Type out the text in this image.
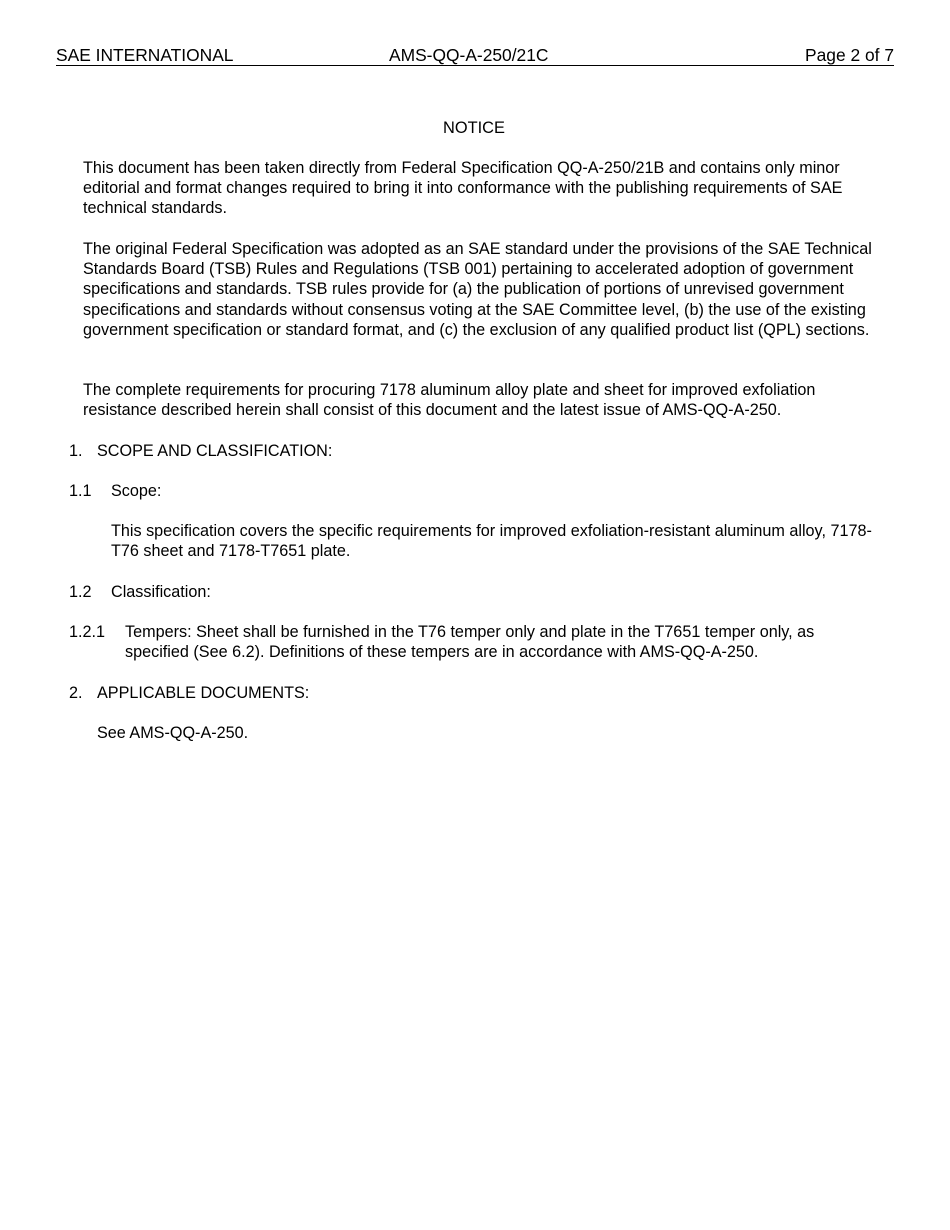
SAE INTERNATIONAL	AMS-QQ-A-250/21C	Page 2 of 7
NOTICE

This document has been taken directly from Federal Specification QQ-A-250/21B and contains only minor editorial and format changes required to bring it into conformance with the publishing requirements of SAE technical standards.

The original Federal Specification was adopted as an SAE standard under the provisions of the SAE Technical Standards Board (TSB) Rules and Regulations (TSB 001) pertaining to accelerated adoption of government specifications and standards. TSB rules provide for (a) the publication of portions of unrevised government specifications and standards without consensus voting at the SAE Committee level, (b) the use of the existing government specification or standard format, and (c) the exclusion of any qualified product list (QPL) sections.

The complete requirements for procuring 7178 aluminum alloy plate and sheet for improved exfoliation resistance described herein shall consist of this document and the latest issue of AMS-QQ-A-250.

1. SCOPE AND CLASSIFICATION:
1.1 Scope:

This specification covers the specific requirements for improved exfoliation-resistant aluminum alloy, 7178-T76 sheet and 7178-T7651 plate.

1.2 Classification:
1.2.1 Tempers: Sheet shall be furnished in the T76 temper only and plate in the T7651 temper only, as specified (See 6.2). Definitions of these tempers are in accordance with AMS-QQ-A-250.
2. APPLICABLE DOCUMENTS:
See AMS-QQ-A-250.
